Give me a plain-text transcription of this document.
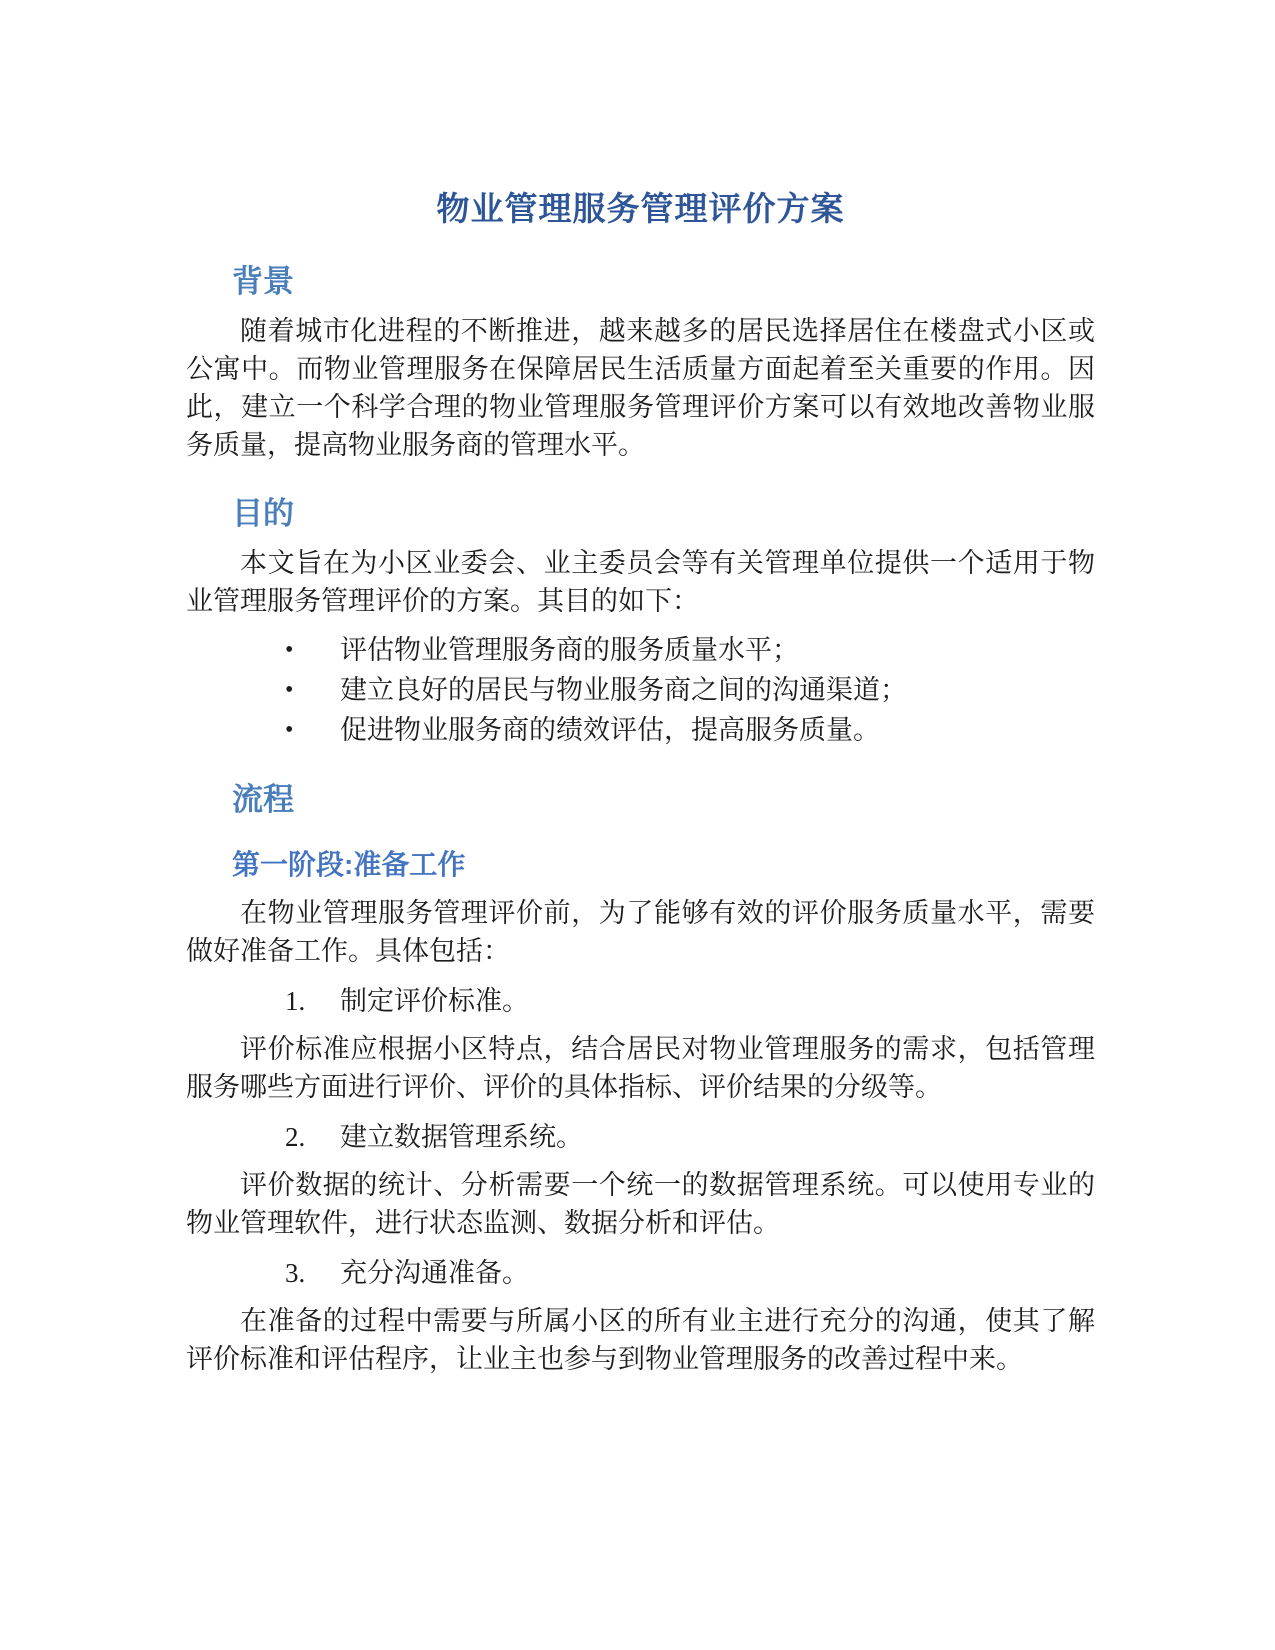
物业管理服务管理评价方案
背景

随着城市化进程的不断推进，越来越多的居民选择居住在楼盘式小区或公寓中。而物业管理服务在保障居民生活质量方面起着至关重要的作用。因此，建立一个科学合理的物业管理服务管理评价方案可以有效地改善物业服务质量，提高物业服务商的管理水平。

目的

本文旨在为小区业委会、业主委员会等有关管理单位提供一个适用于物业管理服务管理评价的方案。其目的如下：

•	评估物业管理服务商的服务质量水平；
•	建立良好的居民与物业服务商之间的沟通渠道；
•	促进物业服务商的绩效评估，提高服务质量。
流程
第一阶段:准备工作

在物业管理服务管理评价前，为了能够有效的评价服务质量水平，需要做好准备工作。具体包括：

1.	制定评价标准。

评价标准应根据小区特点，结合居民对物业管理服务的需求，包括管理服务哪些方面进行评价、评价的具体指标、评价结果的分级等。

2.	建立数据管理系统。

评价数据的统计、分析需要一个统一的数据管理系统。可以使用专业的物业管理软件，进行状态监测、数据分析和评估。

3.	充分沟通准备。

在准备的过程中需要与所属小区的所有业主进行充分的沟通，使其了解评价标准和评估程序，让业主也参与到物业管理服务的改善过程中来。
